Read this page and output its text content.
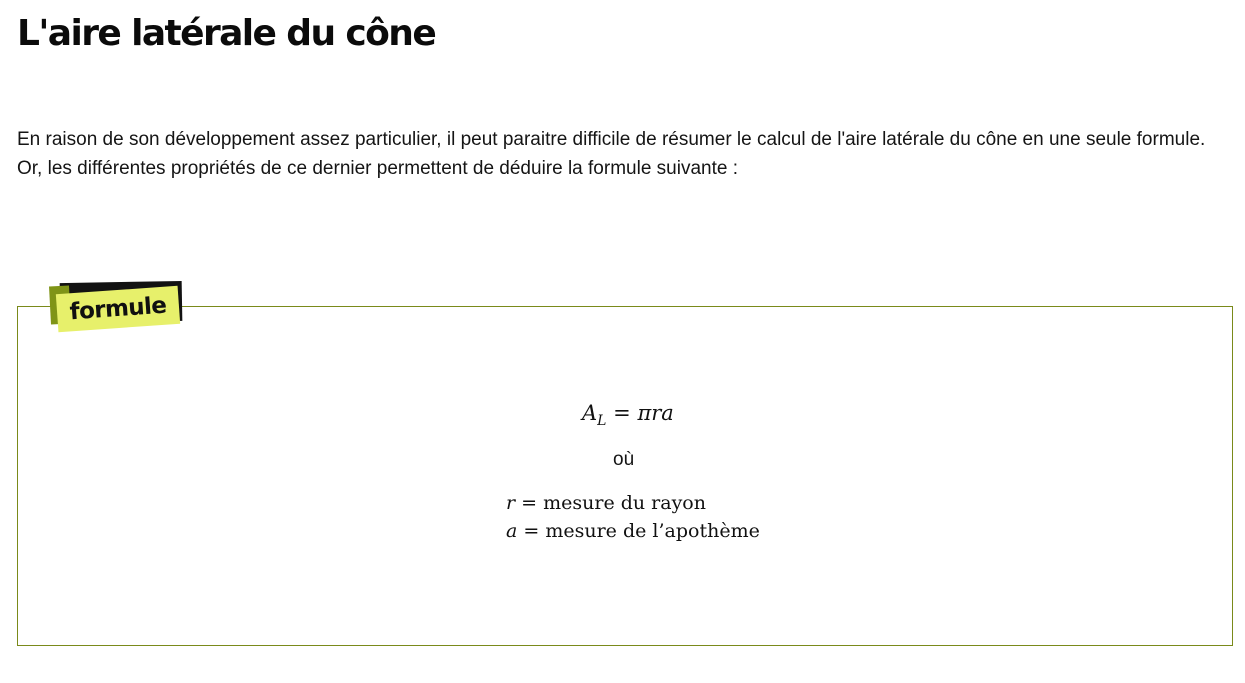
L'aire latérale du cône

En raison de son développement assez particulier, il peut paraitre difficile de résumer le calcul de l'aire latérale du cône en une seule formule. Or, les différentes propriétés de ce dernier permettent de déduire la formule suivante :

formule
$A_L = \pi ra$
où
r = mesure du rayon
a = mesure de l’apothème
